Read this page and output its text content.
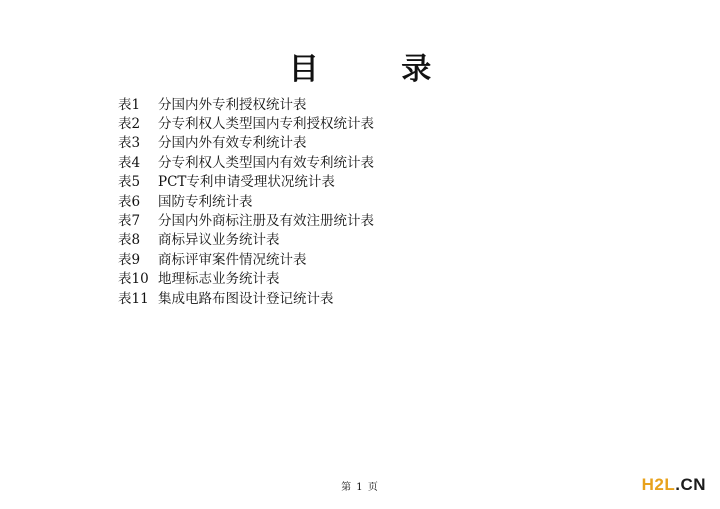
目 录
表1	分国内外专利授权统计表
表2	分专利权人类型国内专利授权统计表
表3	分国内外有效专利统计表
表4	分专利权人类型国内有效专利统计表
表5	PCT专利申请受理状况统计表
表6	国防专利统计表
表7	分国内外商标注册及有效注册统计表
表8	商标异议业务统计表
表9	商标评审案件情况统计表
表10 地理标志业务统计表
表11 集成电路布图设计登记统计表
第 1 页	H2L.CN
